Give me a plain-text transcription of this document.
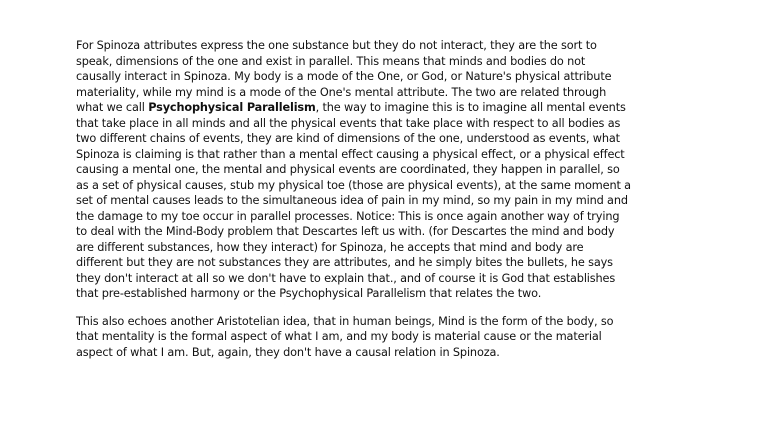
For Spinoza attributes express the one substance but they do not interact, they are the sort to speak, dimensions of the one and exist in parallel. This means that minds and bodies do not causally interact in Spinoza. My body is a mode of the One, or God, or Nature's physical attribute materiality, while my mind is a mode of the One's mental attribute. The two are related through what we call Psychophysical Parallelism, the way to imagine this is to imagine all mental events that take place in all minds and all the physical events that take place with respect to all bodies as two different chains of events, they are kind of dimensions of the one, understood as events, what Spinoza is claiming is that rather than a mental effect causing a physical effect, or a physical effect causing a mental one, the mental and physical events are coordinated, they happen in parallel, so as a set of physical causes, stub my physical toe (those are physical events), at the same moment a set of mental causes leads to the simultaneous idea of pain in my mind, so my pain in my mind and the damage to my toe occur in parallel processes. Notice: This is once again another way of trying to deal with the Mind-Body problem that Descartes left us with. (for Descartes the mind and body are different substances, how they interact) for Spinoza, he accepts that mind and body are different but they are not substances they are attributes, and he simply bites the bullets, he says they don't interact at all so we don't have to explain that., and of course it is God that establishes that pre-established harmony or the Psychophysical Parallelism that relates the two.

This also echoes another Aristotelian idea, that in human beings, Mind is the form of the body, so that mentality is the formal aspect of what I am, and my body is material cause or the material aspect of what I am. But, again, they don't have a causal relation in Spinoza.
